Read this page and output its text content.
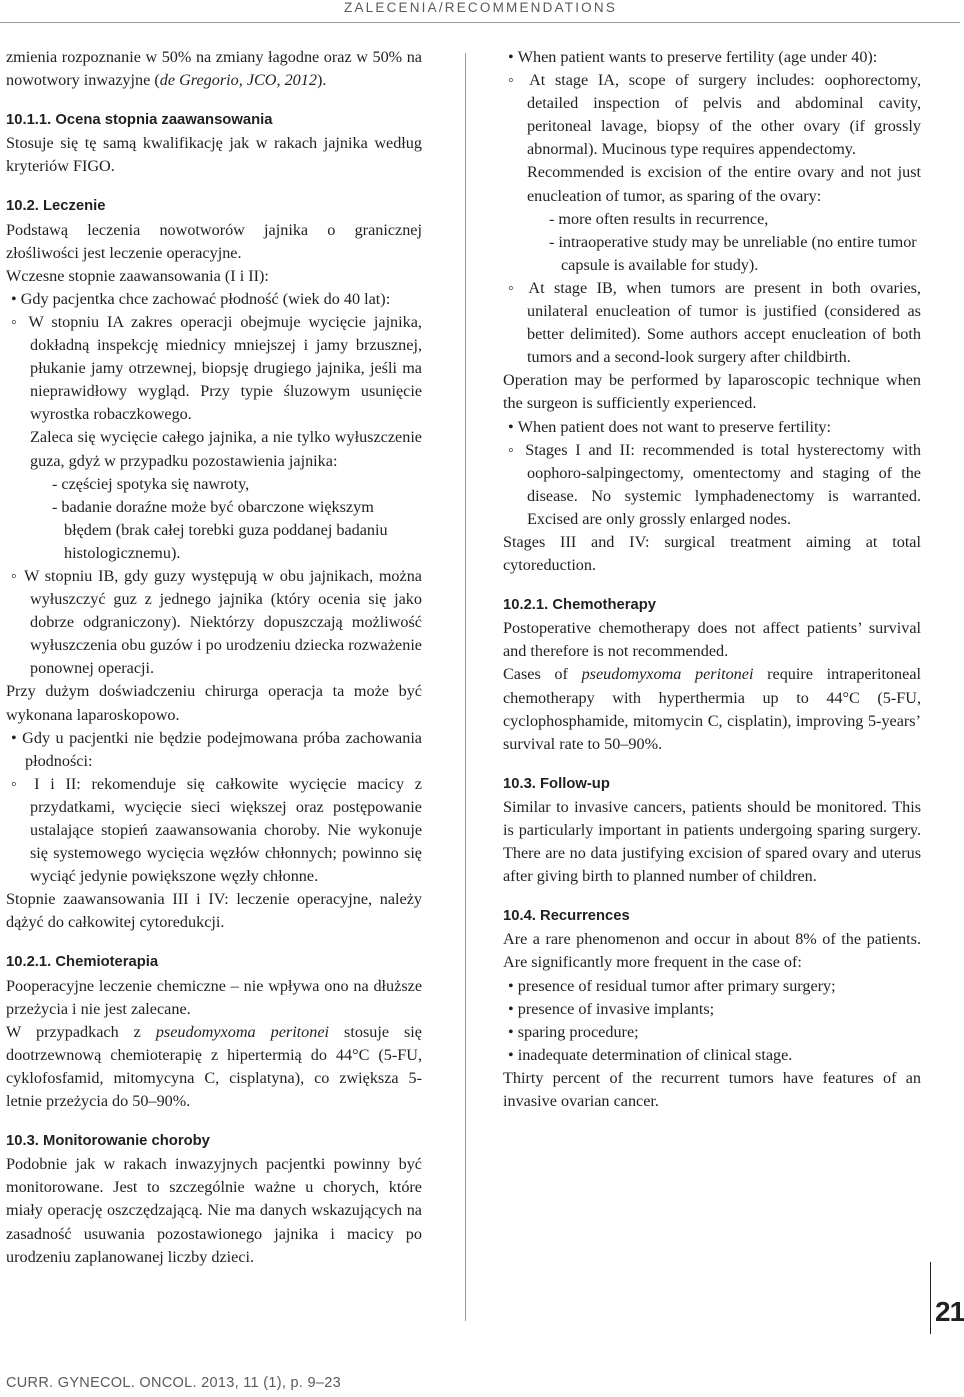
ZALECENIA/RECOMMENDATIONS

zmienia rozpoznanie w 50% na zmiany łagodne oraz w 50% na nowotwory inwazyjne (de Gregorio, JCO, 2012).

10.1.1. Ocena stopnia zaawansowania

Stosuje się tę samą kwalifikację jak w rakach jajnika według kryteriów FIGO.

10.2. Leczenie

Podstawą leczenia nowotworów jajnika o granicznej złośliwości jest leczenie operacyjne.

Wczesne stopnie zaawansowania (I i II):

• Gdy pacjentka chce zachować płodność (wiek do 40 lat):

◦ W stopniu IA zakres operacji obejmuje wycięcie jajnika, dokładną inspekcję miednicy mniejszej i jamy brzusznej, płukanie jamy otrzewnej, biopsję drugiego jajnika, jeśli ma nieprawidłowy wygląd. Przy typie śluzowym usunięcie wyrostka robaczkowego.

Zaleca się wycięcie całego jajnika, a nie tylko wyłuszczenie guza, gdyż w przypadku pozostawienia jajnika:

- częściej spotyka się nawroty,

- badanie doraźne może być obarczone większym błędem (brak całej torebki guza poddanej badaniu histologicznemu).

◦ W stopniu IB, gdy guzy występują w obu jajnikach, można wyłuszczyć guz z jednego jajnika (który ocenia się jako dobrze odgraniczony). Niektórzy dopuszczają możliwość wyłuszczenia obu guzów i po urodzeniu dziecka rozważenie ponownej operacji.

Przy dużym doświadczeniu chirurga operacja ta może być wykonana laparoskopowo.

• Gdy u pacjentki nie będzie podejmowana próba zachowania płodności:

◦ I i II: rekomenduje się całkowite wycięcie macicy z przydatkami, wycięcie sieci większej oraz postępowanie ustalające stopień zaawansowania choroby. Nie wykonuje się systemowego wycięcia węzłów chłonnych; powinno się wyciąć jedynie powiększone węzły chłonne.

Stopnie zaawansowania III i IV: leczenie operacyjne, należy dążyć do całkowitej cytoredukcji.

10.2.1. Chemioterapia

Pooperacyjne leczenie chemiczne – nie wpływa ono na dłuższe przeżycia i nie jest zalecane.

W przypadkach z pseudomyxoma peritonei stosuje się dootrzewnową chemioterapię z hipertermią do 44°C (5-FU, cyklofosfamid, mitomycyna C, cisplatyna), co zwiększa 5-letnie przeżycia do 50–90%.

10.3. Monitorowanie choroby

Podobnie jak w rakach inwazyjnych pacjentki powinny być monitorowane. Jest to szczególnie ważne u chorych, które miały operację oszczędzającą. Nie ma danych wskazujących na zasadność usuwania pozostawionego jajnika i macicy po urodzeniu zaplanowanej liczby dzieci.

• When patient wants to preserve fertility (age under 40):

◦ At stage IA, scope of surgery includes: oophorectomy, detailed inspection of pelvis and abdominal cavity, peritoneal lavage, biopsy of the other ovary (if grossly abnormal). Mucinous type requires appendectomy.

Recommended is excision of the entire ovary and not just enucleation of tumor, as sparing of the ovary:

- more often results in recurrence,

- intraoperative study may be unreliable (no entire tumor capsule is available for study).

◦ At stage IB, when tumors are present in both ovaries, unilateral enucleation of tumor is justified (considered as better delimited). Some authors accept enucleation of both tumors and a second-look surgery after childbirth.

Operation may be performed by laparoscopic technique when the surgeon is sufficiently experienced.

• When patient does not want to preserve fertility:

◦ Stages I and II: recommended is total hysterectomy with oophoro-salpingectomy, omentectomy and staging of the disease. No systemic lymphadenectomy is warranted. Excised are only grossly enlarged nodes.

Stages III and IV: surgical treatment aiming at total cytoreduction.

10.2.1. Chemotherapy

Postoperative chemotherapy does not affect patients’ survival and therefore is not recommended.

Cases of pseudomyxoma peritonei require intraperitoneal chemotherapy with hyperthermia up to 44°C (5-FU, cyclophosphamide, mitomycin C, cisplatin), improving 5-years’ survival rate to 50–90%.

10.3. Follow-up

Similar to invasive cancers, patients should be monitored. This is particularly important in patients undergoing sparing surgery. There are no data justifying excision of spared ovary and uterus after giving birth to planned number of children.

10.4. Recurrences

Are a rare phenomenon and occur in about 8% of the patients. Are significantly more frequent in the case of:

• presence of residual tumor after primary surgery;

• presence of invasive implants;

• sparing procedure;

• inadequate determination of clinical stage.

Thirty percent of the recurrent tumors have features of an invasive ovarian cancer.

21
CURR. GYNECOL. ONCOL. 2013, 11 (1), p. 9–23
